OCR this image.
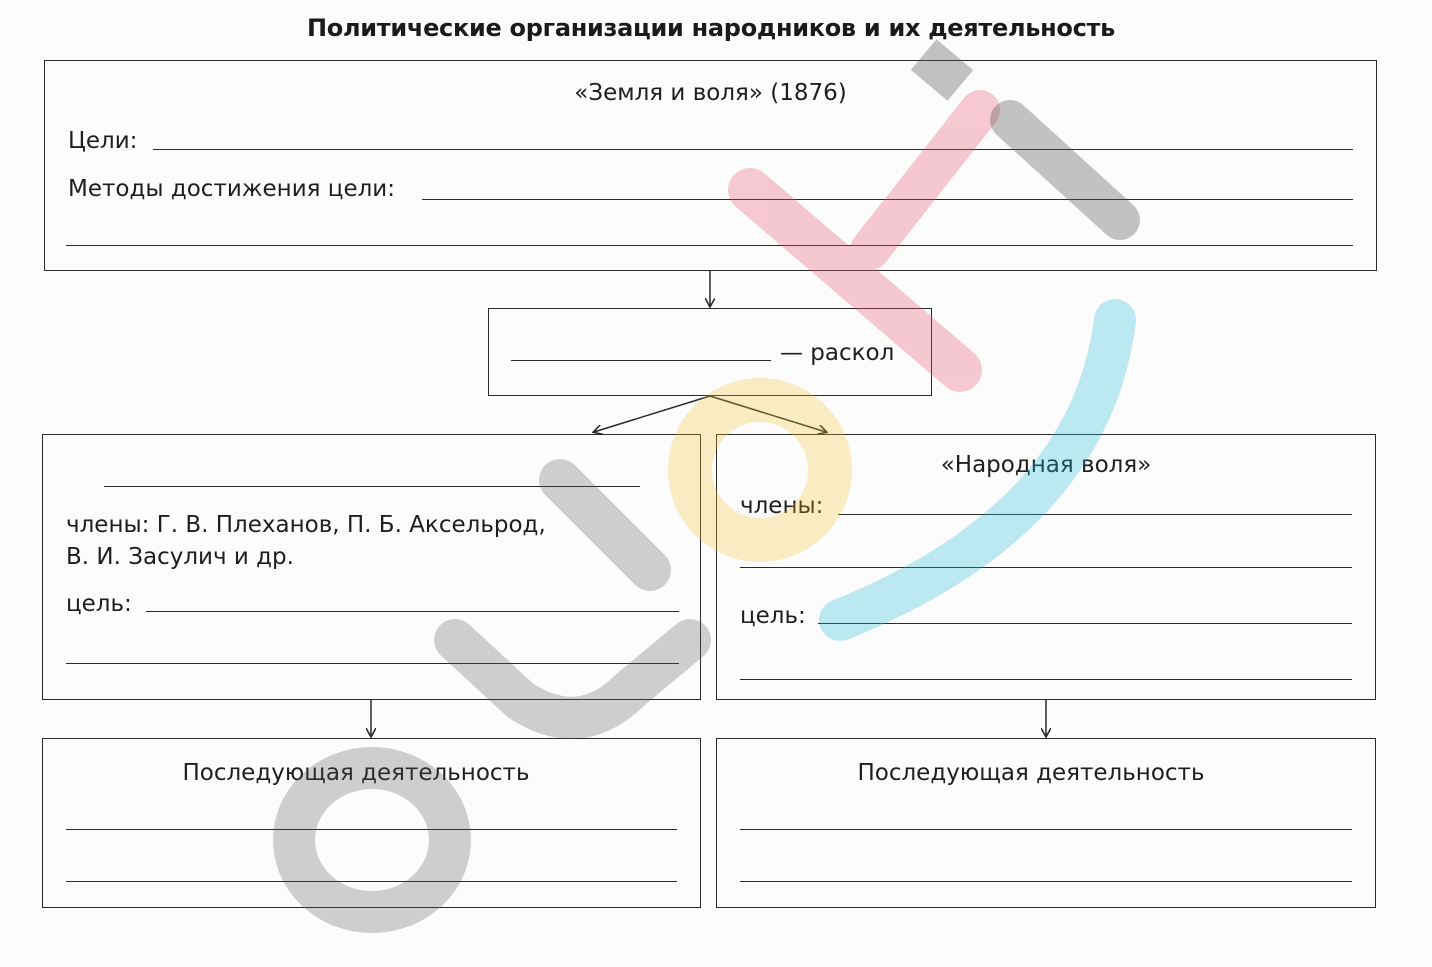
Политические организации народников и их деятельность
«Земля и воля» (1876)
Цели:
Методы достижения цели:
— раскол
члены: Г. В. Плеханов, П. Б. Аксельрод,
В. И. Засулич и др.
цель:
«Народная воля»
члены:
цель:
Последующая деятельность	Последующая деятельность
